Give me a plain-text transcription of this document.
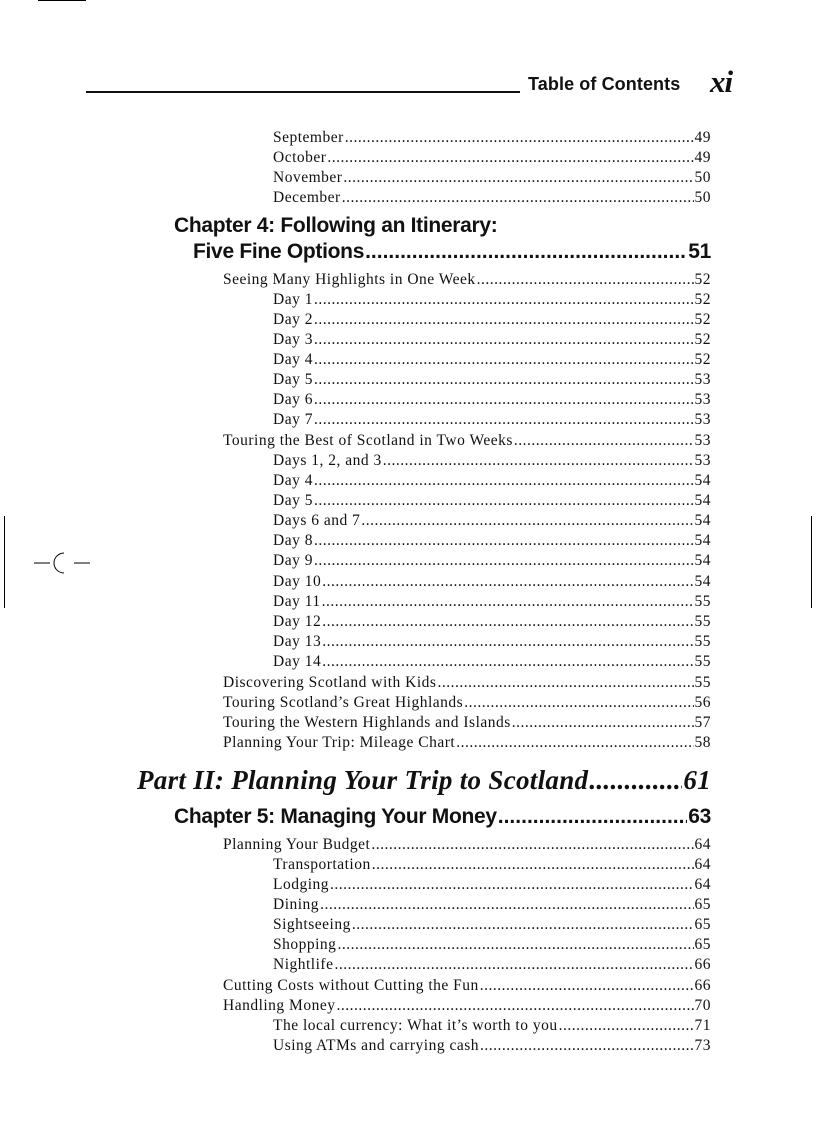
Table of Contents xi
September .....	49
October .....	49
November .....	50
December .....	50
Chapter 4: Following an Itinerary:
Five Fine Options .....	51
Seeing Many Highlights in One Week .....	52
Day 1 .....	52
Day 2 .....	52
Day 3 .....	52
Day 4 .....	52
Day 5 .....	53
Day 6 .....	53
Day 7 .....	53
Touring the Best of Scotland in Two Weeks .....	53
Days 1, 2, and 3 .....	53
Day 4 .....	54
Day 5 .....	54
Days 6 and 7 .....	54
Day 8 .....	54
Day 9 .....	54
Day 10 .....	54
Day 11 .....	55
Day 12 .....	55
Day 13 .....	55
Day 14 .....	55
Discovering Scotland with Kids .....	55
Touring Scotland’s Great Highlands .....	56
Touring the Western Highlands and Islands .....	57
Planning Your Trip: Mileage Chart .....	58
Part II: Planning Your Trip to Scotland .....	61
Chapter 5: Managing Your Money .....	63
Planning Your Budget .....	64
Transportation .....	64
Lodging .....	64
Dining .....	65
Sightseeing .....	65
Shopping .....	65
Nightlife .....	66
Cutting Costs without Cutting the Fun .....	66
Handling Money .....	70
The local currency: What it’s worth to you .....	71
Using ATMs and carrying cash .....	73
